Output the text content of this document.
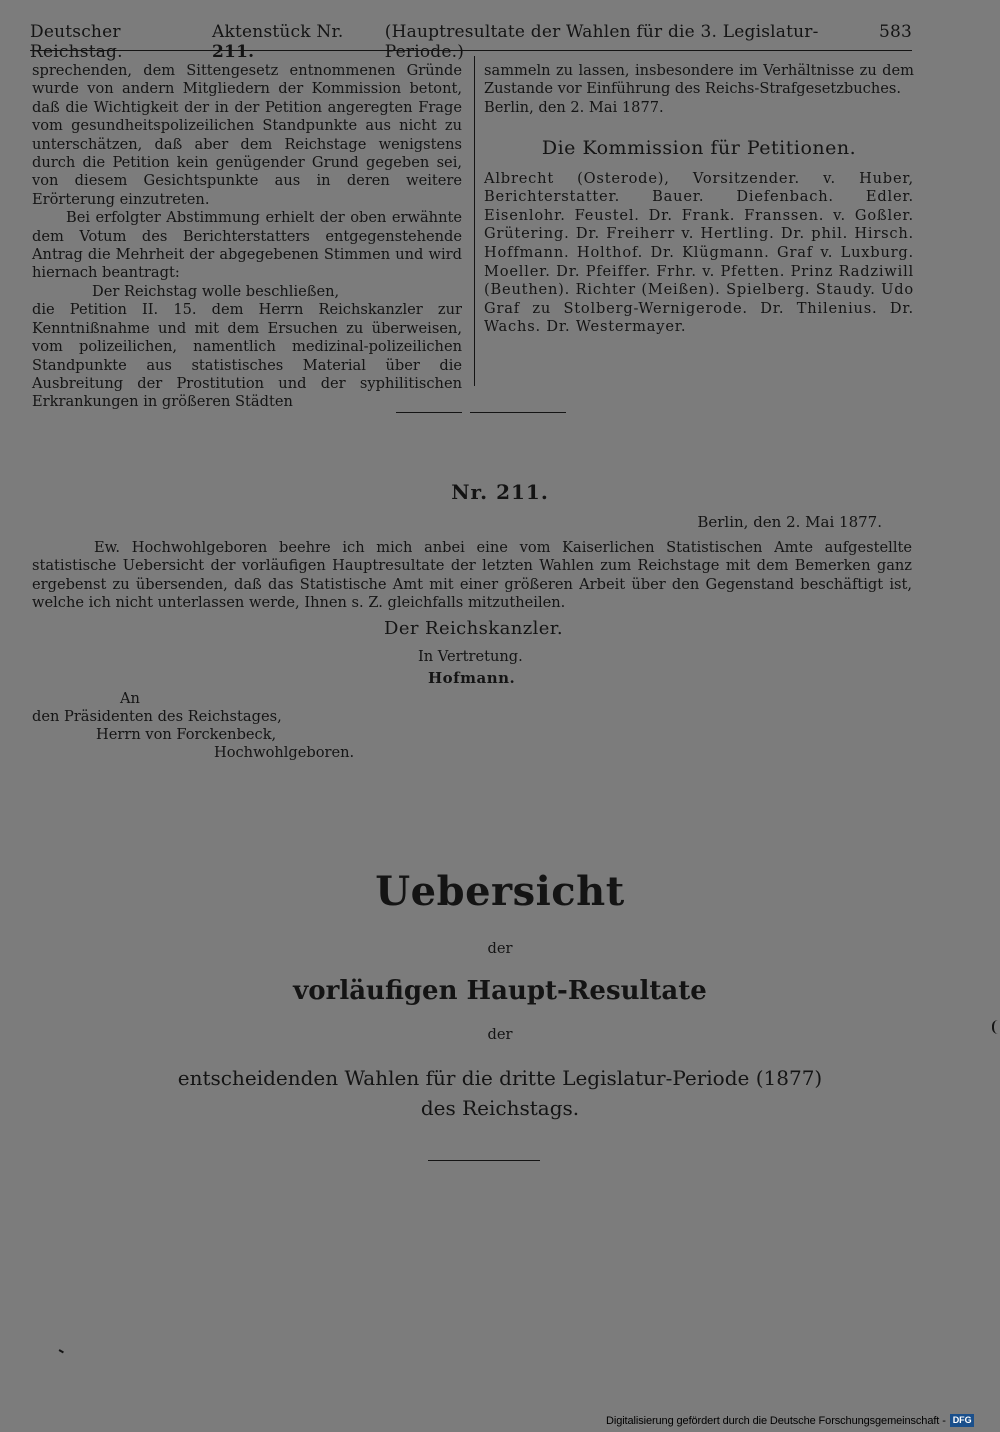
Deutscher Reichstag.
Aktenstück Nr. 211.
(Hauptresultate der Wahlen für die 3. Legislatur-Periode.)
583

sprechenden, dem Sittengesetz entnommenen Gründe wurde von andern Mitgliedern der Kommission betont, daß die Wichtigkeit der in der Petition angeregten Frage vom gesundheitspolizeilichen Standpunkte aus nicht zu unterschätzen, daß aber dem Reichstage wenigstens durch die Petition kein genügender Grund gegeben sei, von diesem Gesichtspunkte aus in deren weitere Erörterung einzutreten.

Bei erfolgter Abstimmung erhielt der oben erwähnte dem Votum des Berichterstatters entgegenstehende Antrag die Mehrheit der abgegebenen Stimmen und wird hiernach beantragt:

Der Reichstag wolle beschließen,

die Petition II. 15. dem Herrn Reichskanzler zur Kenntnißnahme und mit dem Ersuchen zu überweisen, vom polizeilichen, namentlich medizinal-polizeilichen Standpunkte aus statistisches Material über die Ausbreitung der Prostitution und der syphilitischen Erkrankungen in größeren Städten

sammeln zu lassen, insbesondere im Verhältnisse zu dem Zustande vor Einführung des Reichs-Strafgesetzbuches.

Berlin, den 2. Mai 1877.

Die Kommission für Petitionen.

Albrecht (Osterode), Vorsitzender. v. Huber, Berichterstatter. Bauer. Diefenbach. Edler. Eisenlohr. Feustel. Dr. Frank. Franssen. v. Goßler. Grütering. Dr. Freiherr v. Hertling. Dr. phil. Hirsch. Hoffmann. Holthof. Dr. Klügmann. Graf v. Luxburg. Moeller. Dr. Pfeiffer. Frhr. v. Pfetten. Prinz Radziwill (Beuthen). Richter (Meißen). Spielberg. Staudy. Udo Graf zu Stolberg-Wernigerode. Dr. Thilenius. Dr. Wachs. Dr. Westermayer.

Nr. 211.
Berlin, den 2. Mai 1877.

Ew. Hochwohlgeboren beehre ich mich anbei eine vom Kaiserlichen Statistischen Amte aufgestellte statistische Uebersicht der vorläufigen Hauptresultate der letzten Wahlen zum Reichstage mit dem Bemerken ganz ergebenst zu übersenden, daß das Statistische Amt mit einer größeren Arbeit über den Gegenstand beschäftigt ist, welche ich nicht unterlassen werde, Ihnen s. Z. gleichfalls mitzutheilen.

Der Reichskanzler.
In Vertretung.
Hofmann.
An
den Präsidenten des Reichstages,
Herrn von Forckenbeck,
Hochwohlgeboren.
Uebersicht
der
vorläufigen Haupt-Resultate
der
entscheidenden Wahlen für die dritte Legislatur-Periode (1877)
des Reichstags.
Digitalisierung gefördert durch die Deutsche Forschungsgemeinschaft - DFG
